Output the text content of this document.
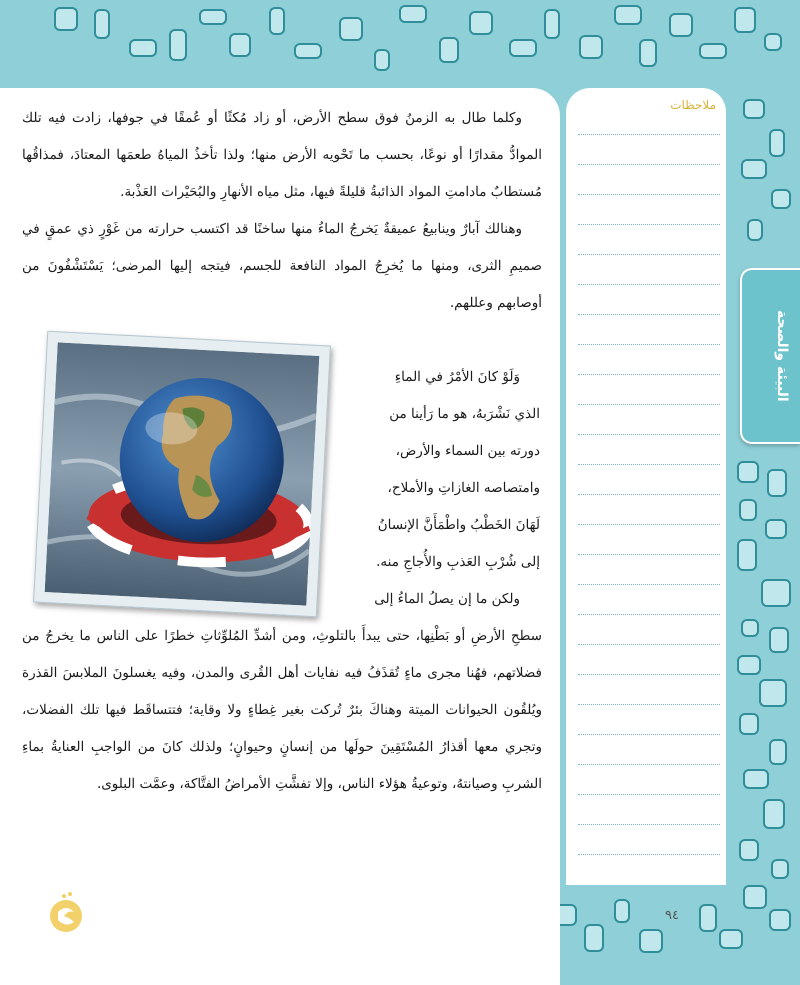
ملاحظات
البيئة والصحة

وكلما طال به الزمنُ فوق سطح الأرض، أو زاد مُكثًا أو عُمقًا في جوفها، زادت فيه تلك الموادُّ مقدارًا أو نوعًا، بحسب ما تَحْويه الأرض منها؛ ولذا تأخذُ المياهُ طعمَها المعتادَ، فمذاقُها مُستطابٌ مادامتِ المواد الذائبةُ قليلةً فيها، مثل مياه الأنهارِ والبُحَيْرات العَذْبة.

وهنالك آبارٌ وينابيعُ عميقةٌ يَخرجُ الماءُ منها ساخنًا قد اكتسب حرارته من غَوْرٍ ذي عمقٍ في صميمِ الثرى، ومنها ما يُخرِجُ المواد النافعة للجسم، فيتجه إليها المرضى؛ يَسْتَشْفُونَ من أوصابهم وعللهم.

وَلَوْ كانَ الأمْرُ في الماءِ
الذي نَشْرَبهُ، هو ما رَأينا من
دورته بين السماء والأرض،
وامتصاصه الغازاتِ والأملاح،
لَهَانَ الخَطْبُ واطْمَأَنَّ الإنسانُ
إلى شُرْبِ العَذبِ والأُجاجِ منه.
ولكن ما إن يصلُ الماءُ إلى

سطحِ الأرضِ أو بَطْنِها، حتى يبدأَ بالتلوثِ، ومن أشدِّ المُلوِّثاتِ خطرًا على الناس ما يخرجُ من فضلاتهم، فهُنا مجرى ماءٍ تُقذَفُ فيه نفايات أهل القُرى والمدن، وفيه يغسلونَ الملابسَ القذرة ويُلقُون الحيوانات الميتة وهناكَ بئرٌ تُركت بغير غِطاءٍ ولا وقاية؛ فتتساقَط فيها تلك الفضلات، وتجري معها أقذارُ المُسْتَقِينَ حولَها من إنسانٍ وحيوانٍ؛ ولذلك كانَ من الواجبِ العنايةُ بماءِ الشربِ وصيانتهُ، وتوعيةُ هؤلاء الناس، وإلا تفشَّتِ الأمراضُ الفتَّاكة، وعمَّت البلوى.

٩٤
